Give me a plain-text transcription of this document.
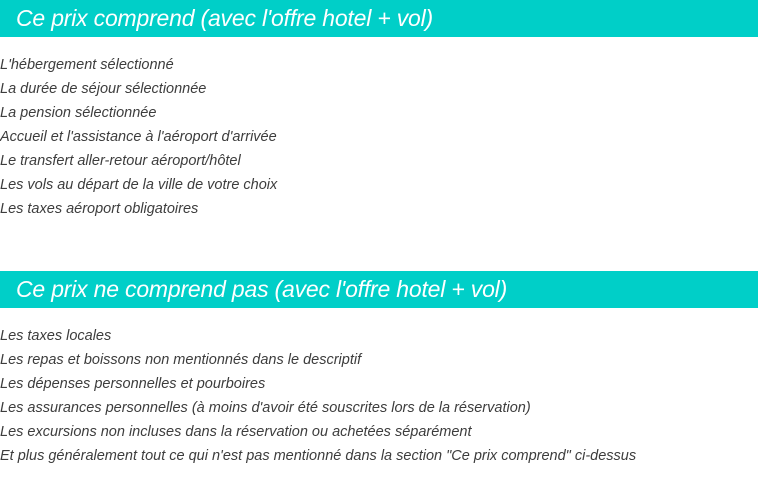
Ce prix comprend (avec l'offre hotel + vol)
L'hébergement sélectionné
La durée de séjour sélectionnée
La pension sélectionnée
Accueil et l'assistance à l'aéroport d'arrivée
Le transfert aller-retour aéroport/hôtel
Les vols au départ de la ville de votre choix
Les taxes aéroport obligatoires
Ce prix ne comprend pas (avec l'offre hotel + vol)
Les taxes locales
Les repas et boissons non mentionnés dans le descriptif
Les dépenses personnelles et pourboires
Les assurances personnelles (à moins d'avoir été souscrites lors de la réservation)
Les excursions non incluses dans la réservation ou achetées séparément
Et plus généralement tout ce qui n'est pas mentionné dans la section "Ce prix comprend" ci-dessus
